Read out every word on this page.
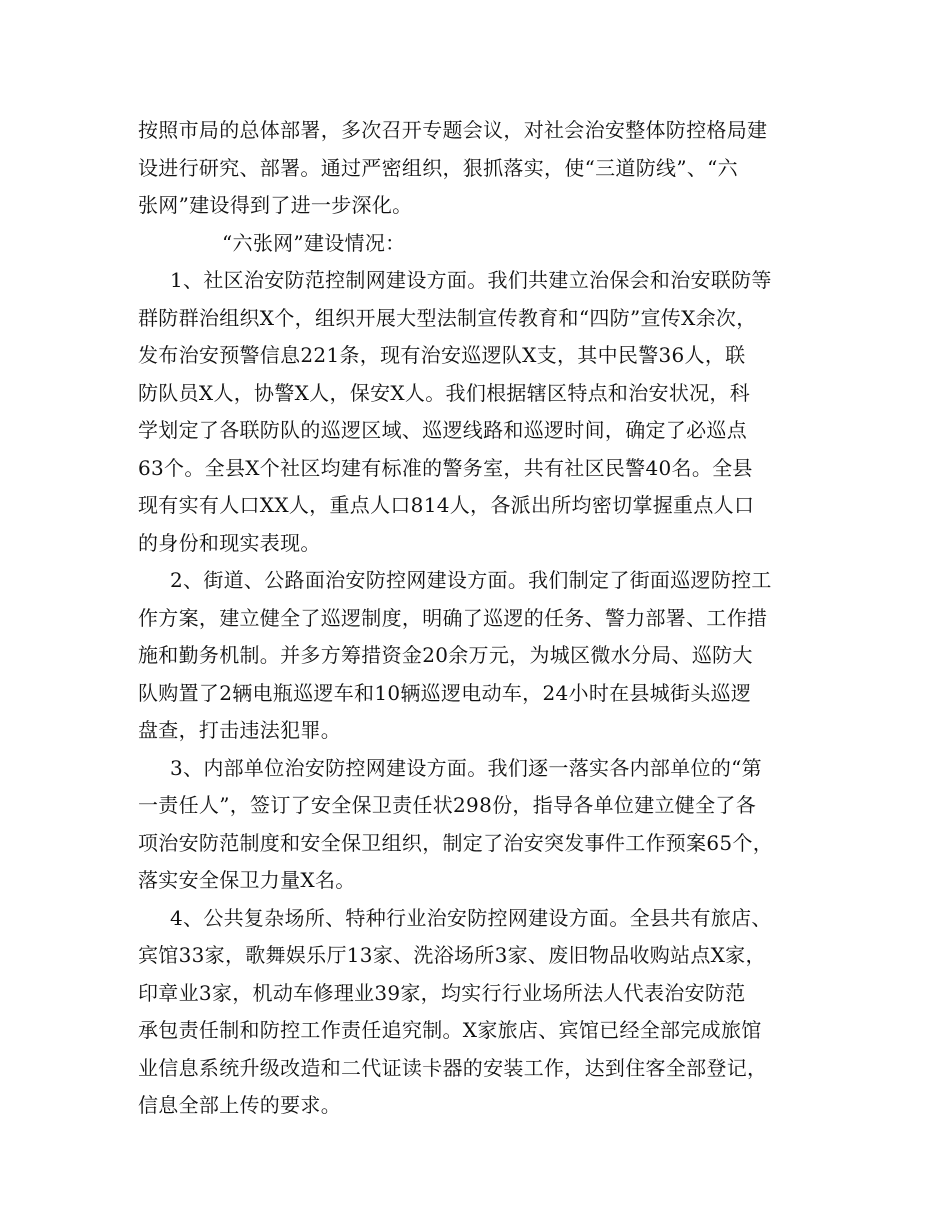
按照市局的总体部署，多次召开专题会议，对社会治安整体防控格局建
设进行研究、部署。通过严密组织，狠抓落实，使“三道防线”、“六
张网”建设得到了进一步深化。

“六张网”建设情况：

1、社区治安防范控制网建设方面。我们共建立治保会和治安联防等
群防群治组织X个，组织开展大型法制宣传教育和“四防”宣传X余次，
发布治安预警信息221条，现有治安巡逻队X支，其中民警36人，联
防队员X人，协警X人，保安X人。我们根据辖区特点和治安状况，科
学划定了各联防队的巡逻区域、巡逻线路和巡逻时间，确定了必巡点
63个。全县X个社区均建有标准的警务室，共有社区民警40名。全县
现有实有人口XX人，重点人口814人，各派出所均密切掌握重点人口
的身份和现实表现。

2、街道、公路面治安防控网建设方面。我们制定了街面巡逻防控工
作方案，建立健全了巡逻制度，明确了巡逻的任务、警力部署、工作措
施和勤务机制。并多方筹措资金20余万元，为城区微水分局、巡防大
队购置了2辆电瓶巡逻车和10辆巡逻电动车，24小时在县城街头巡逻
盘查，打击违法犯罪。

3、内部单位治安防控网建设方面。我们逐一落实各内部单位的“第
一责任人”，签订了安全保卫责任状298份，指导各单位建立健全了各
项治安防范制度和安全保卫组织，制定了治安突发事件工作预案65个，
落实安全保卫力量X名。

4、公共复杂场所、特种行业治安防控网建设方面。全县共有旅店、
宾馆33家，歌舞娱乐厅13家、洗浴场所3家、废旧物品收购站点X家，
印章业3家，机动车修理业39家，均实行行业场所法人代表治安防范
承包责任制和防控工作责任追究制。X家旅店、宾馆已经全部完成旅馆
业信息系统升级改造和二代证读卡器的安装工作，达到住客全部登记，
信息全部上传的要求。
